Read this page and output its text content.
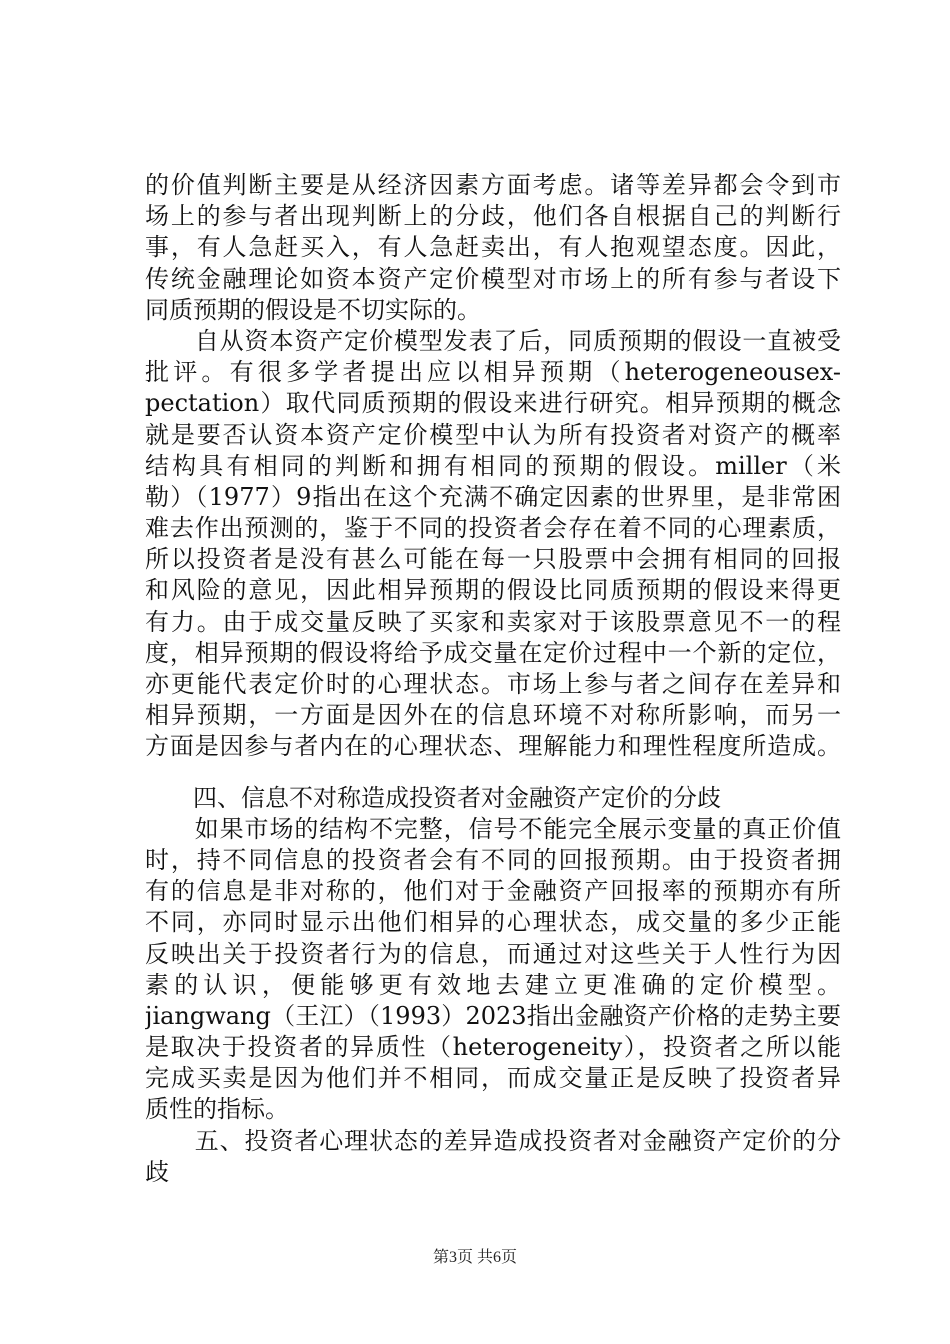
的价值判断主要是从经济因素方面考虑。诸等差异都会令到市
场上的参与者出现判断上的分歧，他们各自根据自己的判断行
事，有人急赶买入，有人急赶卖出，有人抱观望态度。因此，
传统金融理论如资本资产定价模型对市场上的所有参与者设下
同质预期的假设是不切实际的。
　　自从资本资产定价模型发表了后，同质预期的假设一直被受
批评。有很多学者提出应以相异预期（heterogeneousex-
pectation）取代同质预期的假设来进行研究。相异预期的概念
就是要否认资本资产定价模型中认为所有投资者对资产的概率
结构具有相同的判断和拥有相同的预期的假设。miller（米
勒）（1977）9指出在这个充满不确定因素的世界里，是非常困
难去作出预测的，鉴于不同的投资者会存在着不同的心理素质，
所以投资者是没有甚么可能在每一只股票中会拥有相同的回报
和风险的意见，因此相异预期的假设比同质预期的假设来得更
有力。由于成交量反映了买家和卖家对于该股票意见不一的程
度，相异预期的假设将给予成交量在定价过程中一个新的定位，
亦更能代表定价时的心理状态。市场上参与者之间存在差异和
相异预期，一方面是因外在的信息环境不对称所影响，而另一
方面是因参与者内在的心理状态、理解能力和理性程度所造成。
　　四、信息不对称造成投资者对金融资产定价的分歧
　　如果市场的结构不完整，信号不能完全展示变量的真正价值
时，持不同信息的投资者会有不同的回报预期。由于投资者拥
有的信息是非对称的，他们对于金融资产回报率的预期亦有所
不同，亦同时显示出他们相异的心理状态，成交量的多少正能
反映出关于投资者行为的信息，而通过对这些关于人性行为因
素的认识，便能够更有效地去建立更准确的定价模型。
jiangwang（王江）（1993）2023指出金融资产价格的走势主要
是取决于投资者的异质性（heterogeneity），投资者之所以能
完成买卖是因为他们并不相同，而成交量正是反映了投资者异
质性的指标。
　　五、投资者心理状态的差异造成投资者对金融资产定价的分
歧
第3页 共6页
